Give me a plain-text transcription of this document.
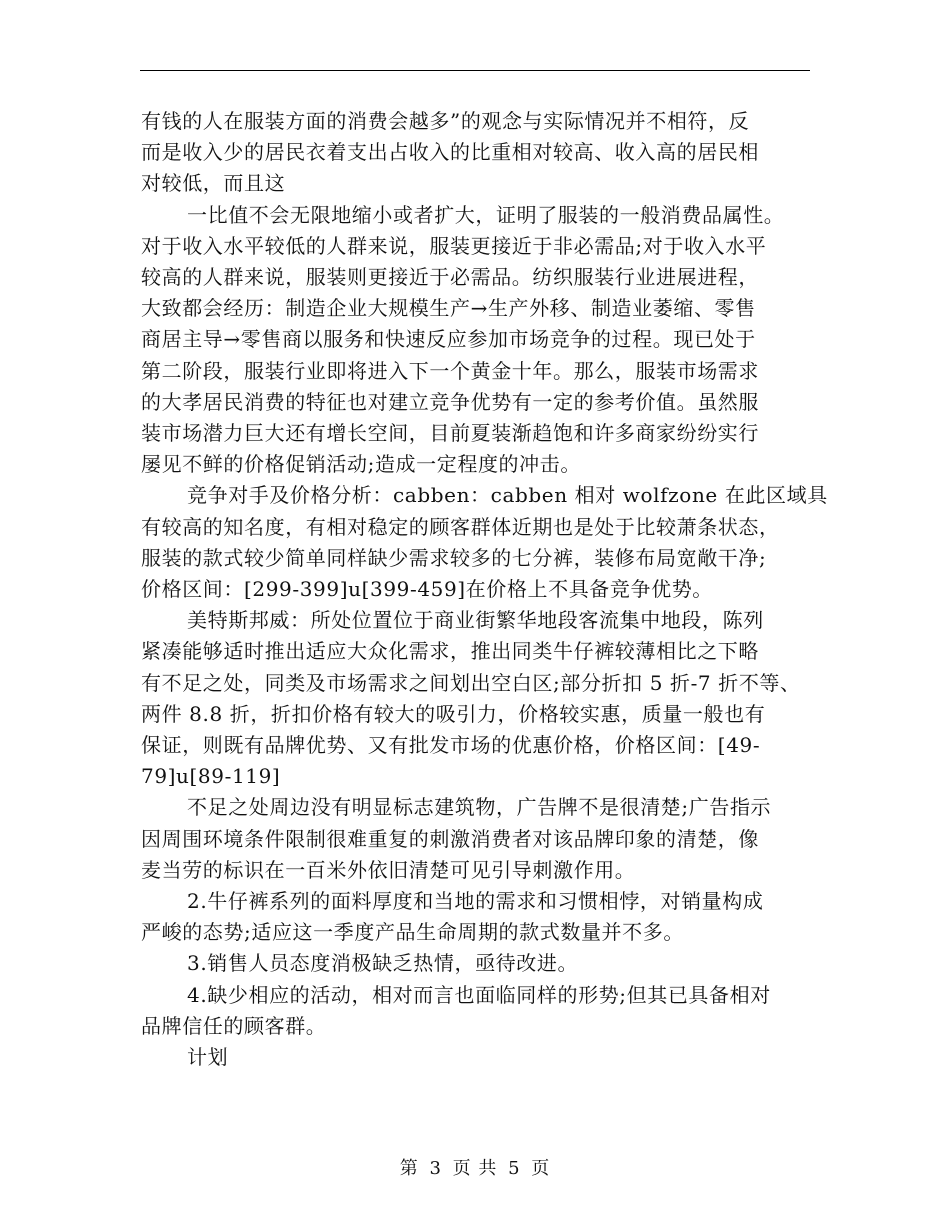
有钱的人在服装方面的消费会越多”的观念与实际情况并不相符，反
而是收入少的居民衣着支出占收入的比重相对较高、收入高的居民相
对较低，而且这
一比值不会无限地缩小或者扩大，证明了服装的一般消费品属性。
对于收入水平较低的人群来说，服装更接近于非必需品;对于收入水平
较高的人群来说，服装则更接近于必需品。纺织服装行业进展进程，
大致都会经历：制造企业大规模生产→生产外移、制造业萎缩、零售
商居主导→零售商以服务和快速反应参加市场竞争的过程。现已处于
第二阶段，服装行业即将进入下一个黄金十年。那么，服装市场需求
的大孝居民消费的特征也对建立竞争优势有一定的参考价值。虽然服
装市场潜力巨大还有增长空间，目前夏装渐趋饱和许多商家纷纷实行
屡见不鲜的价格促销活动;造成一定程度的冲击。
竞争对手及价格分析：cabben：cabben 相对 wolfzone 在此区域具
有较高的知名度，有相对稳定的顾客群体近期也是处于比较萧条状态，
服装的款式较少简单同样缺少需求较多的七分裤，装修布局宽敞干净;
价格区间：[299-399]u[399-459]在价格上不具备竞争优势。
美特斯邦威：所处位置位于商业街繁华地段客流集中地段，陈列
紧凑能够适时推出适应大众化需求，推出同类牛仔裤较薄相比之下略
有不足之处，同类及市场需求之间划出空白区;部分折扣 5 折-7 折不等、
两件 8.8 折，折扣价格有较大的吸引力，价格较实惠，质量一般也有
保证，则既有品牌优势、又有批发市场的优惠价格，价格区间：[49-
79]u[89-119]
不足之处周边没有明显标志建筑物，广告牌不是很清楚;广告指示
因周围环境条件限制很难重复的刺激消费者对该品牌印象的清楚，像
麦当劳的标识在一百米外依旧清楚可见引导刺激作用。
2.牛仔裤系列的面料厚度和当地的需求和习惯相悖，对销量构成
严峻的态势;适应这一季度产品生命周期的款式数量并不多。
3.销售人员态度消极缺乏热情，亟待改进。
4.缺少相应的活动，相对而言也面临同样的形势;但其已具备相对
品牌信任的顾客群。
计划
第 3 页 共 5 页
